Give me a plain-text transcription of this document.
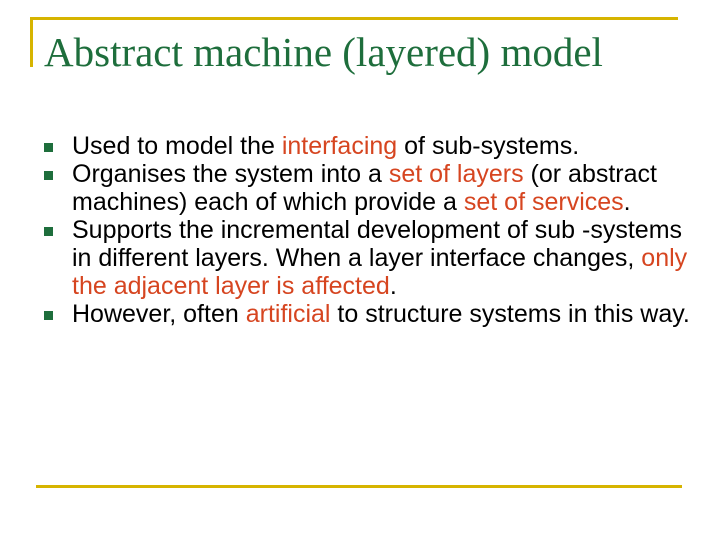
Abstract machine (layered) model
Used to model the interfacing of sub-systems.
Organises the system into a set of layers (or abstract machines) each of which provide a set of services.
Supports the incremental development of sub -systems in different layers. When a layer interface changes, only the adjacent layer is affected.
However, often artificial to structure systems in this way.
